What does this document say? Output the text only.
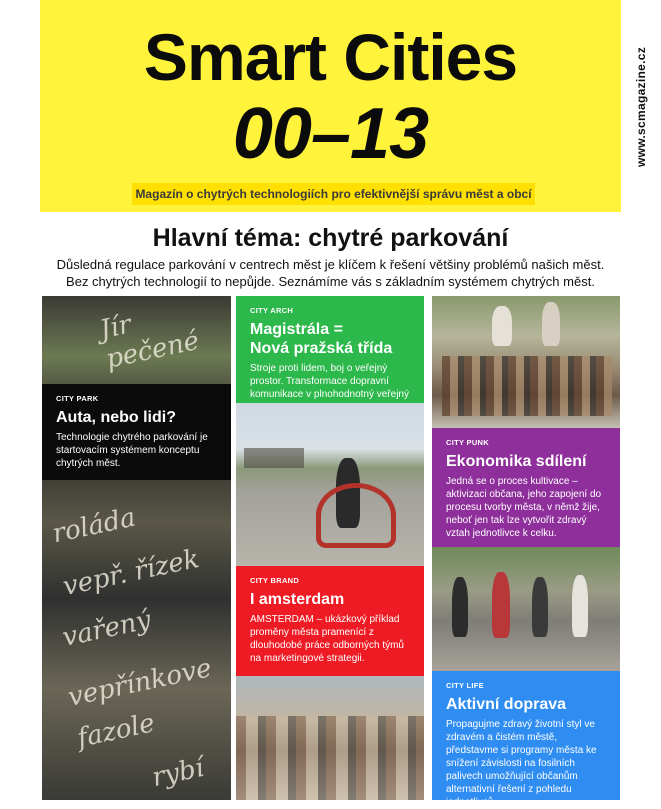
Smart Cities
00–13
Magazín o chytrých technologiích pro efektivnější správu měst a obcí
www.scmagazine.cz
Hlavní téma: chytré parkování
Důsledná regulace parkování v centrech měst je klíčem k řešení většiny problémů našich měst.
Bez chytrých technologií to nepůjde. Seznámíme vás s základním systémem chytrých měst.
Jír pečené
roláda
vepř. řízek
vařený
vepřínkove
fazole
rybí
CITY PARK
Auta, nebo lidi?
Technologie chytrého parkování je startovacím systémem konceptu chytrých měst.
CITY ARCH
Magistrála =
Nová pražská třída
Stroje proti lidem, boj o veřejný prostor. Transformace dopravní komunikace v plnohodnotný veřejný
CITY BRAND
I amsterdam
AMSTERDAM – ukázkový příklad proměny města pramenící z dlouhodobé práce odborných týmů na marketingové strategii.
CITY PUNK
Ekonomika sdílení
Jedná se o proces kultivace – aktivizaci občana, jeho zapojení do procesu tvorby města, v němž žije, neboť jen tak lze vytvořit zdravý vztah jednotlivce k celku.
CITY LIFE
Aktivní doprava
Propagujme zdravý životní styl ve zdravém a čistém městě, představme si programy města ke snížení závislosti na fosilních palivech umožňující občanům alternativní řešení z pohledu jednotlivců.
